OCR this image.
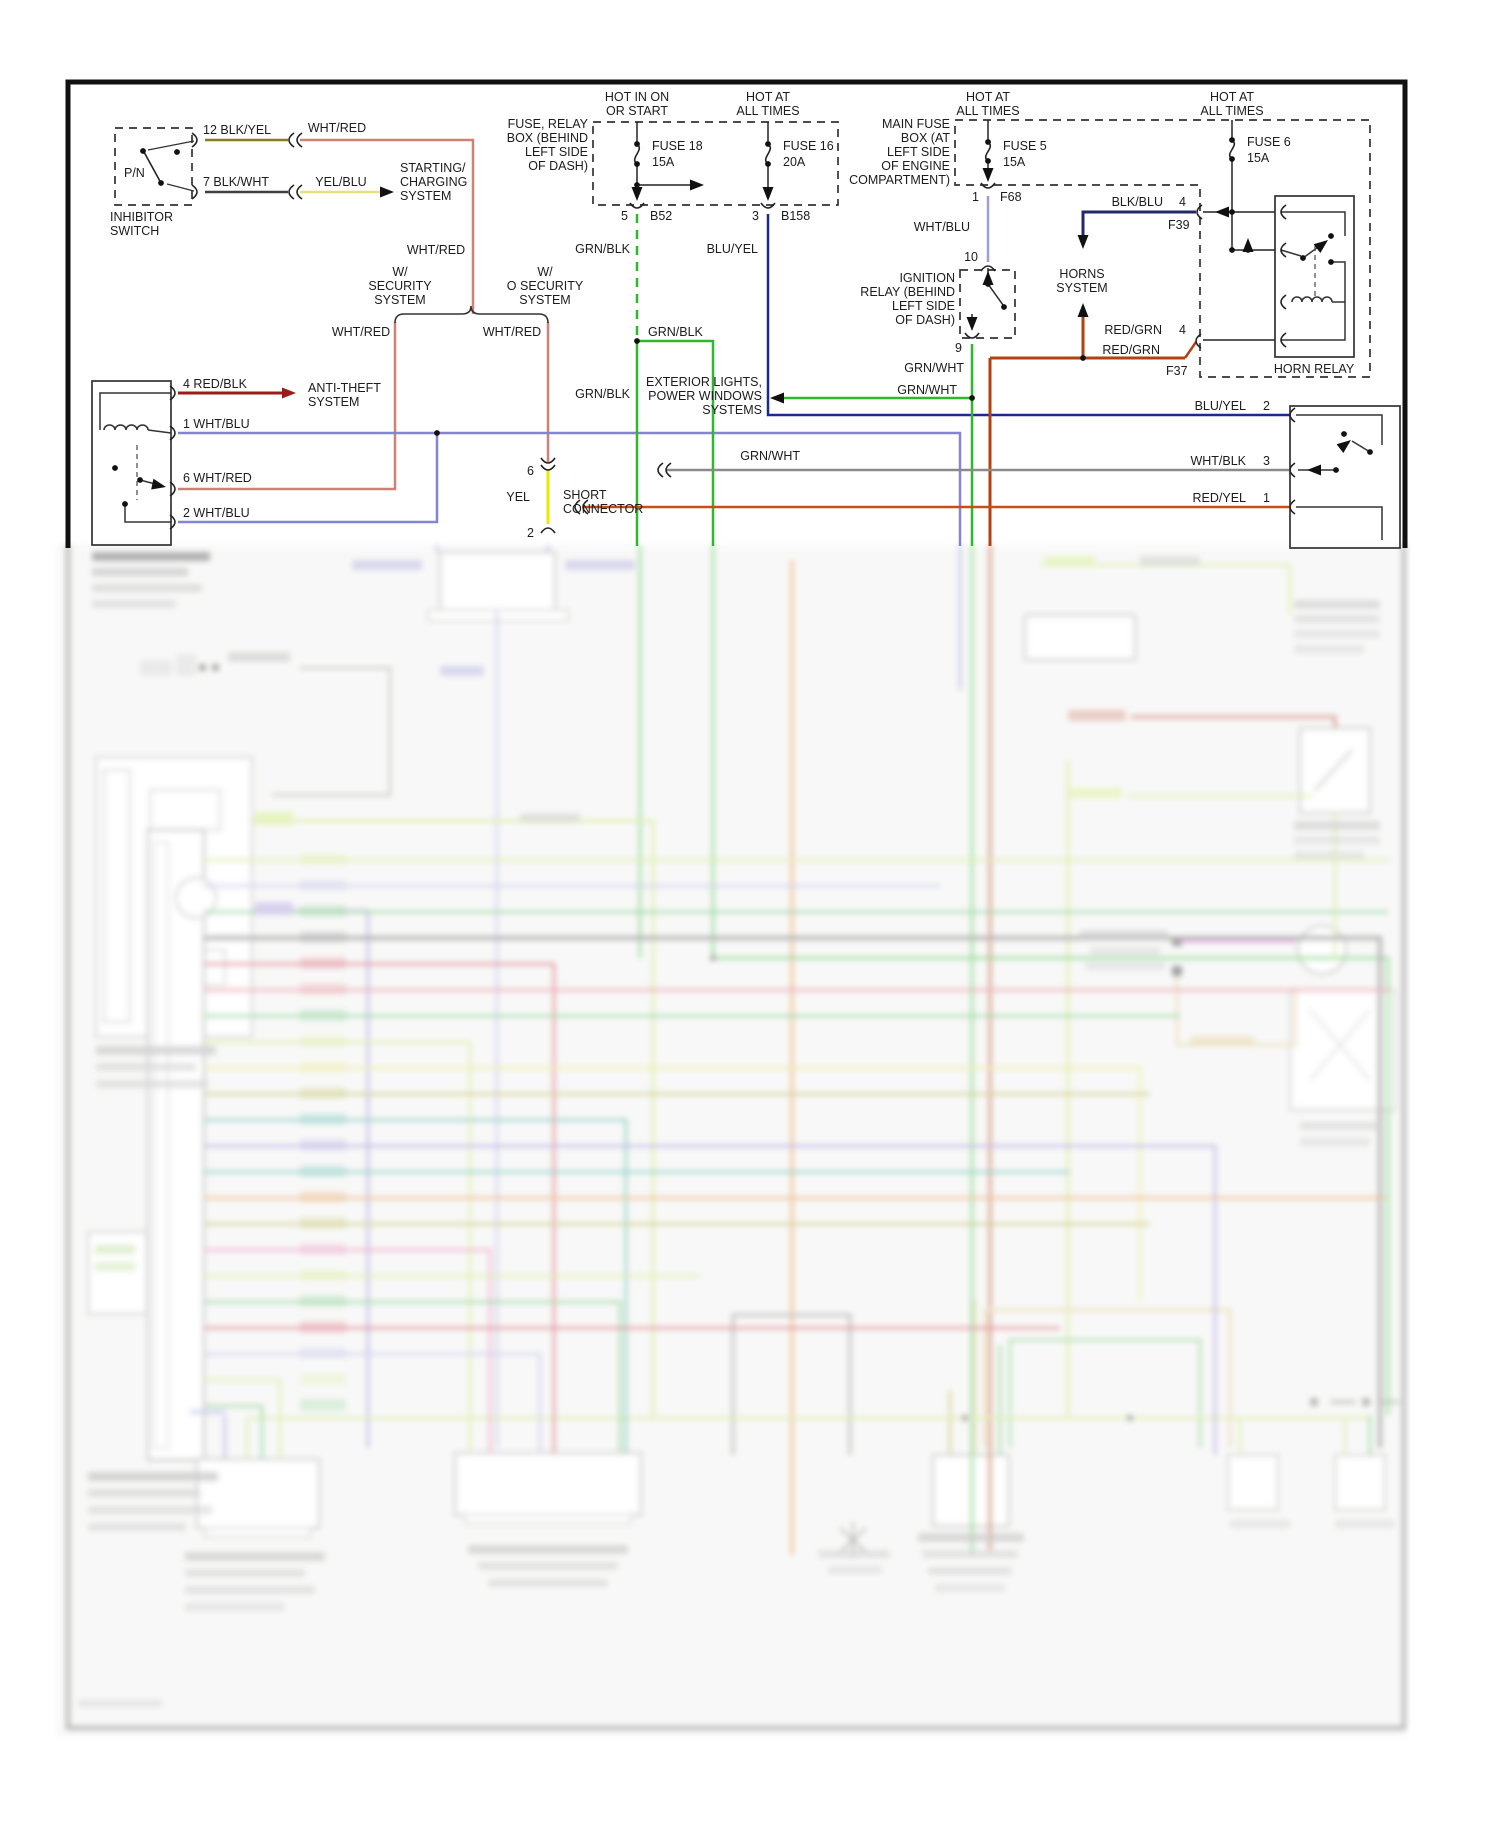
12 BLK/YEL	WHT/RED
P/N
7 BLK/WHT	YEL/BLU
STARTING/
CHARGING
SYSTEM
INHIBITOR
SWITCH
FUSE, RELAY
BOX (BEHIND
LEFT SIDE
OF DASH)
HOT IN ON
OR START
HOT AT
ALL TIMES
FUSE 18
15A
FUSE 16
20A
5 B52	3 B158
GRN/BLK	BLU/YEL
MAIN FUSE
BOX (AT
LEFT SIDE
OF ENGINE
COMPARTMENT)
HOT AT
ALL TIMES
FUSE 5
15A
1 F68
WHT/BLU
10
IGNITION
RELAY (BEHIND
LEFT SIDE
OF DASH)
9
HOT AT
ALL TIMES
FUSE 6
15A
BLK/BLU 4
F39
HORNS
SYSTEM
RED/GRN 4
RED/GRN
F37	HORN RELAY
W/
SECURITY
SYSTEM
W/
O SECURITY
SYSTEM
WHT/RED
WHT/RED	WHT/RED
4 RED/BLK	ANTI-THEFT
SYSTEM
1 WHT/BLU
6 WHT/RED
2 WHT/BLU
GRN/BLK
GRN/BLK
GRN/WHT
GRN/WHT
EXTERIOR LIGHTS,
POWER WINDOWS
SYSTEMS
GRN/WHT
6
YEL	SHORT
CONNECTOR
2
BLU/YEL 2
WHT/BLK 3
RED/YEL 1
